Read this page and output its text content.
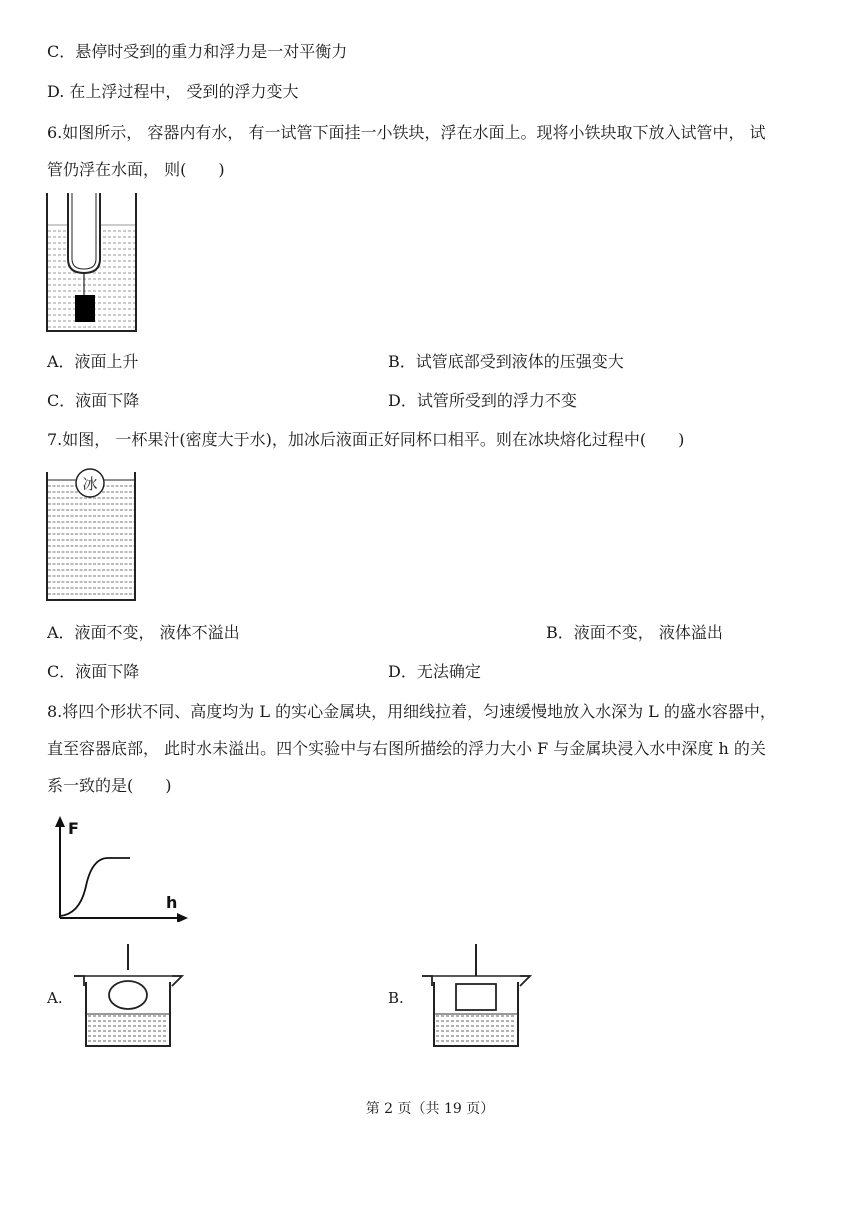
C．悬停时受到的重力和浮力是一对平衡力
D. 在上浮过程中， 受到的浮力变大
6.如图所示， 容器内有水， 有一试管下面挂一小铁块，浮在水面上。现将小铁块取下放入试管中， 试
管仍浮在水面， 则(　　)
A．液面上升	B．试管底部受到液体的压强变大
C．液面下降	D．试管所受到的浮力不变
7.如图， 一杯果汁(密度大于水)，加冰后液面正好同杯口相平。则在冰块熔化过程中(　　)
冰
A．液面不变， 液体不溢出	B．液面不变， 液体溢出
C．液面下降	D．无法确定
8.将四个形状不同、高度均为 L 的实心金属块，用细线拉着，匀速缓慢地放入水深为 L 的盛水容器中，
直至容器底部， 此时水未溢出。四个实验中与右图所描绘的浮力大小 F 与金属块浸入水中深度 h 的关
系一致的是(　　)
F
h
A.	B.
第 2 页（共 19 页）
